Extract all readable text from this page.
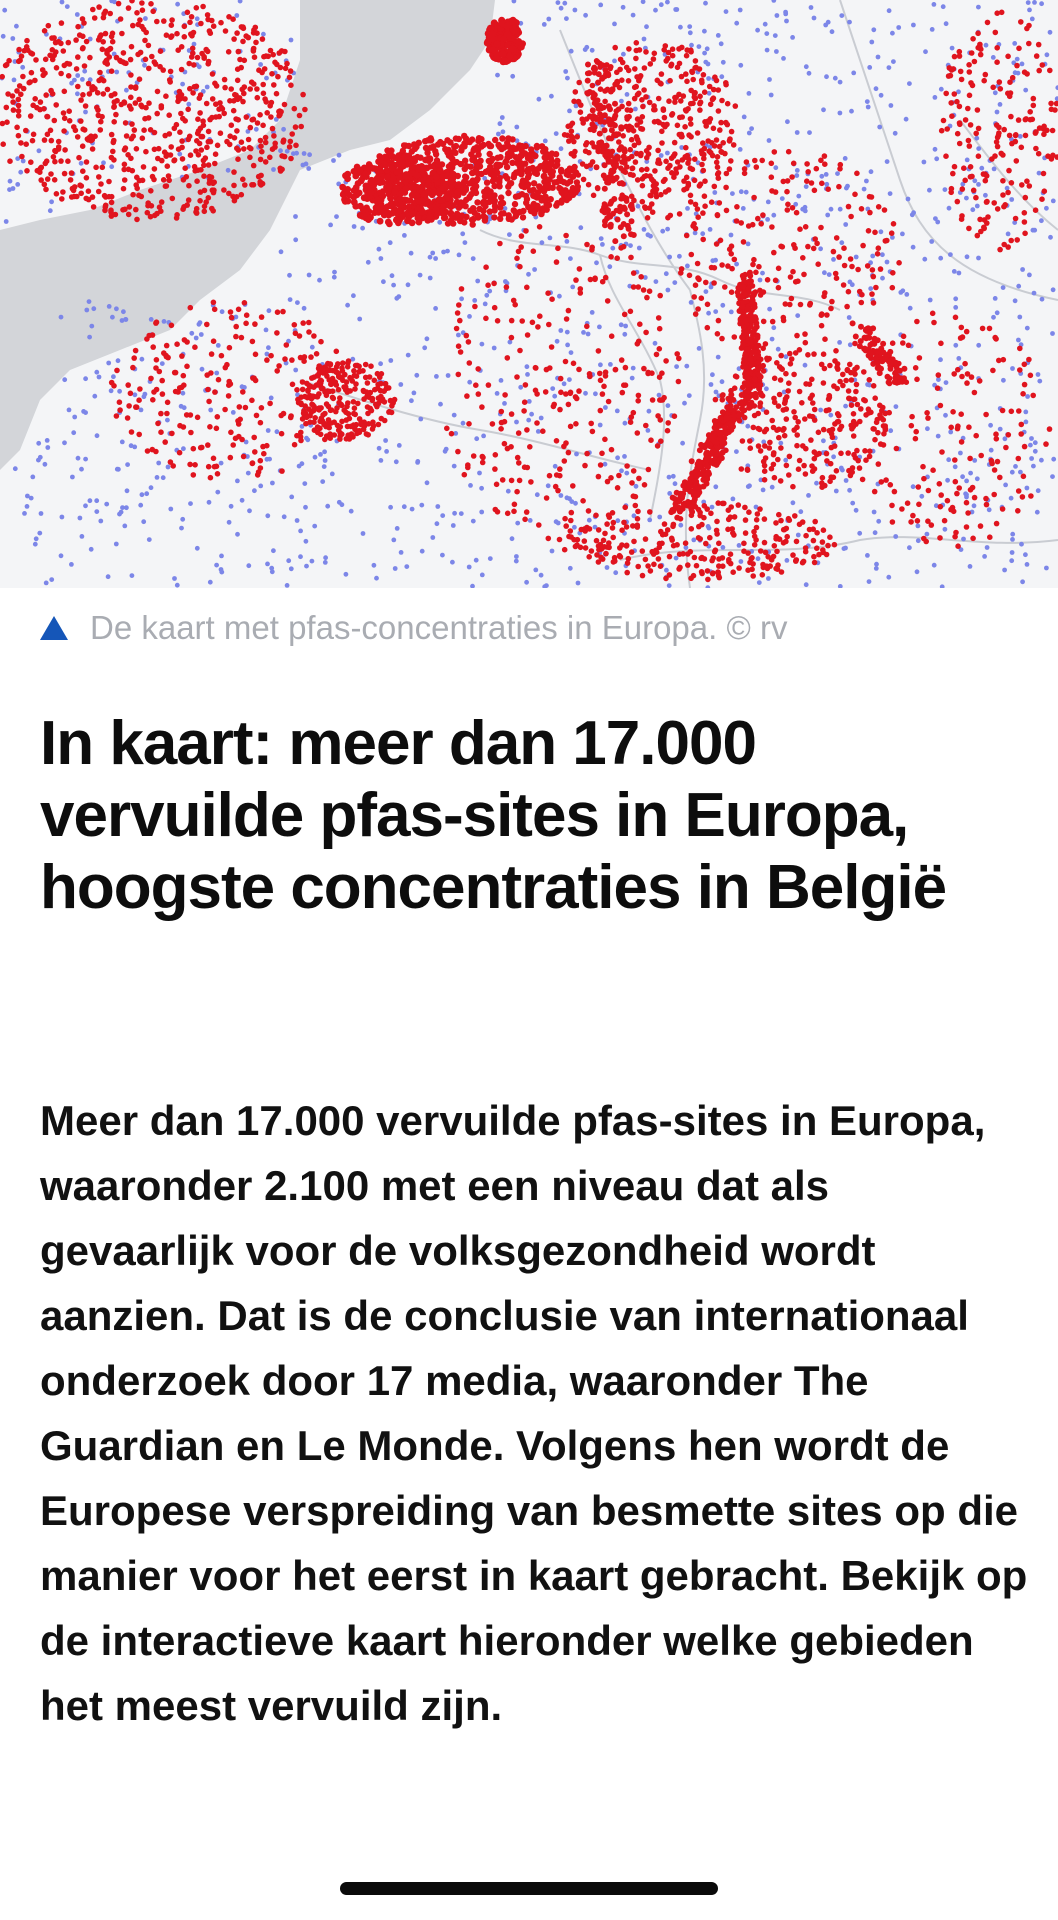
De kaart met pfas-concentraties in Europa. © rv
In kaart: meer dan 17.000 vervuilde pfas-sites in Europa, hoogste concentraties in België

Meer dan 17.000 vervuilde pfas-sites in Europa, waaronder 2.100 met een niveau dat als gevaarlijk voor de volksgezondheid wordt aanzien. Dat is de conclusie van internationaal onderzoek door 17 media, waaronder The Guardian en Le Monde. Volgens hen wordt de Europese verspreiding van besmette sites op die manier voor het eerst in kaart gebracht. Bekijk op de interactieve kaart hieronder welke gebieden het meest vervuild zijn.
